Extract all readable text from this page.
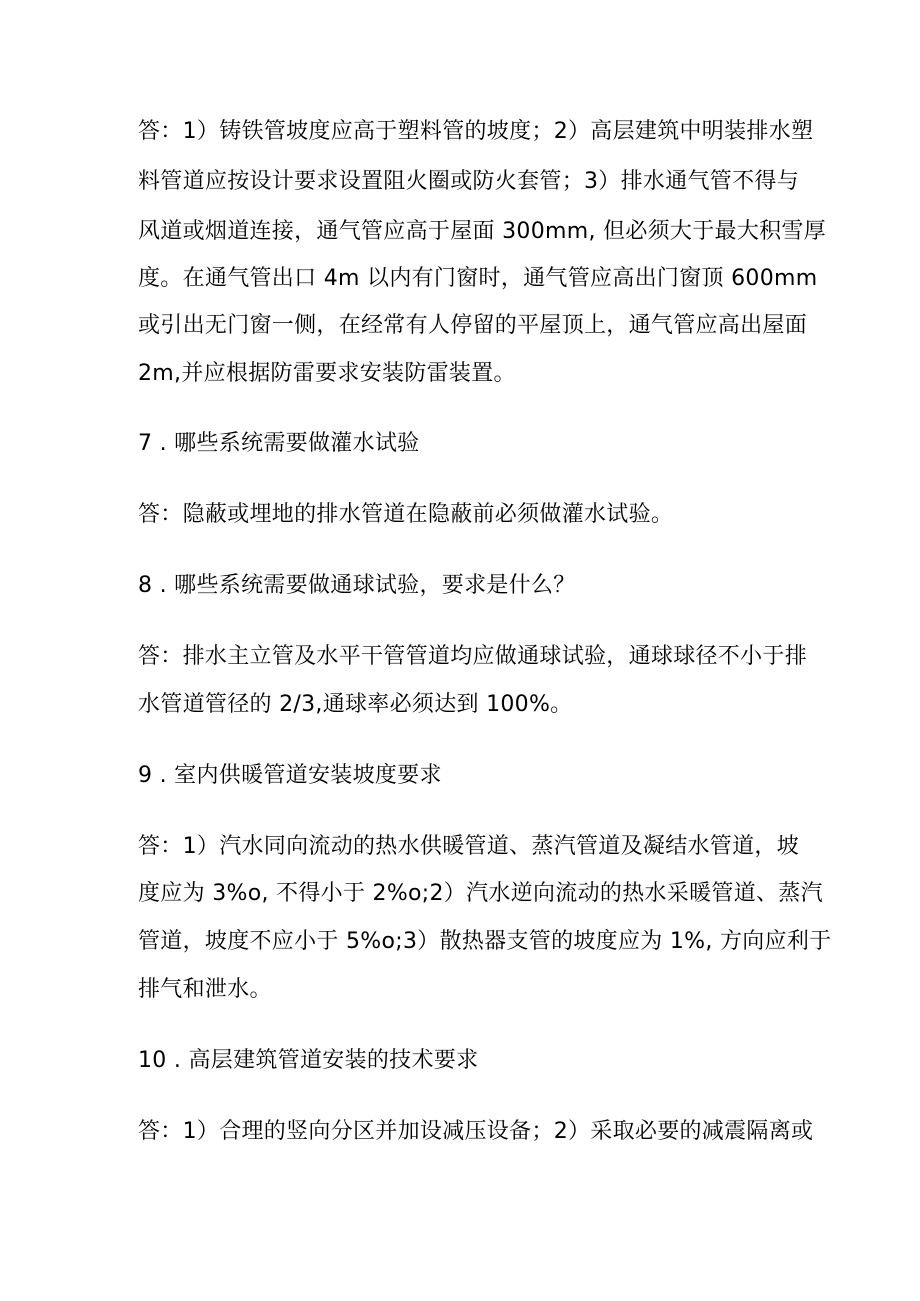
答：1）铸铁管坡度应高于塑料管的坡度；2）高层建筑中明装排水塑
料管道应按设计要求设置阻火圈或防火套管；3）排水通气管不得与
风道或烟道连接，通气管应高于屋面 300mm, 但必须大于最大积雪厚
度。在通气管出口 4m 以内有门窗时，通气管应高出门窗顶 600mm
或引出无门窗一侧，在经常有人停留的平屋顶上，通气管应高出屋面
2m,并应根据防雷要求安装防雷装置。
7 . 哪些系统需要做灌水试验
答：隐蔽或埋地的排水管道在隐蔽前必须做灌水试验。
8 . 哪些系统需要做通球试验，要求是什么？
答：排水主立管及水平干管管道均应做通球试验，通球球径不小于排
水管道管径的 2/3,通球率必须达到 100%。
9 . 室内供暖管道安装坡度要求
答：1）汽水同向流动的热水供暖管道、蒸汽管道及凝结水管道，坡
度应为 3%o, 不得小于 2%o;2）汽水逆向流动的热水采暖管道、蒸汽
管道，坡度不应小于 5%o;3）散热器支管的坡度应为 1%, 方向应利于
排气和泄水。
10 . 高层建筑管道安装的技术要求
答：1）合理的竖向分区并加设减压设备；2）采取必要的减震隔离或
